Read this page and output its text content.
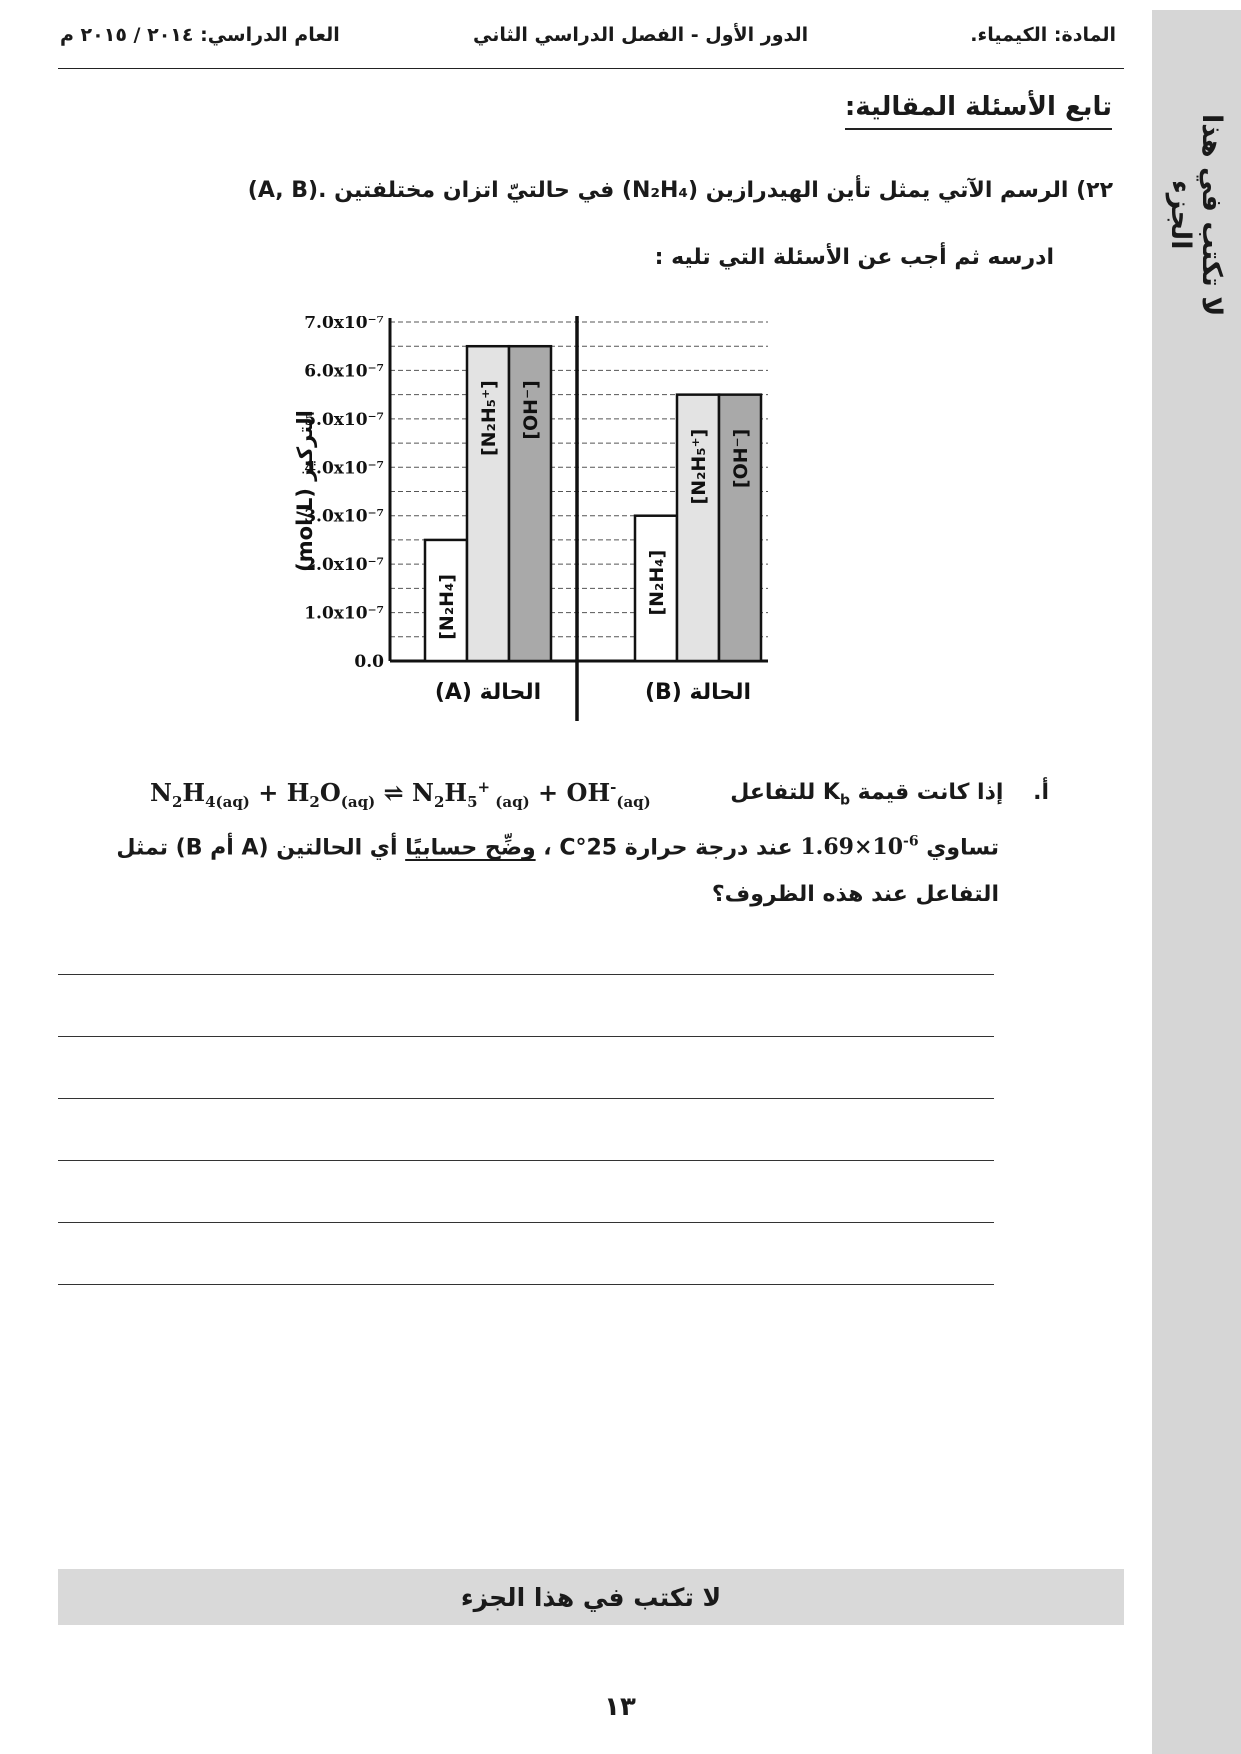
لا تكتب في هذا الجزء
المادة: الكيمياء.
الدور الأول - الفصل الدراسي الثاني
العام الدراسي: ٢٠١٤ / ٢٠١٥ م
تابع الأسئلة المقالية:
٢٢) الرسم الآتي يمثل تأين الهيدرازين (N₂H₄) في حالتيّ اتزان مختلفتين (A, B).
ادرسه ثم أجب عن الأسئلة التي تليه :
0.0
1.0x10⁻⁷
2.0x10⁻⁷
3.0x10⁻⁷
4.0x10⁻⁷
5.0x10⁻⁷
6.0x10⁻⁷
7.0x10⁻⁷
(mol/L) التركيز
[N₂H₄]
[N₂H₅⁺] [OH⁻]
الحالة (A)
[N₂H₄]
[N₂H₅⁺] [OH⁻]
الحالة (B)
أ. إذا كانت قيمة $K_b$ للتفاعل
$N_2H_{4(aq)} + H_2O_{(aq)}$ ⇌ $N_2H_5^+$ $_{(aq)} + OH^-_{(aq)}$
تساوي $1.69\times 10^{-6}$ عند درجة حرارة 25°C ، وضِّح حسابيًا أي الحالتين (A أم B) تمثل
التفاعل عند هذه الظروف؟
لا تكتب في هذا الجزء
١٣
